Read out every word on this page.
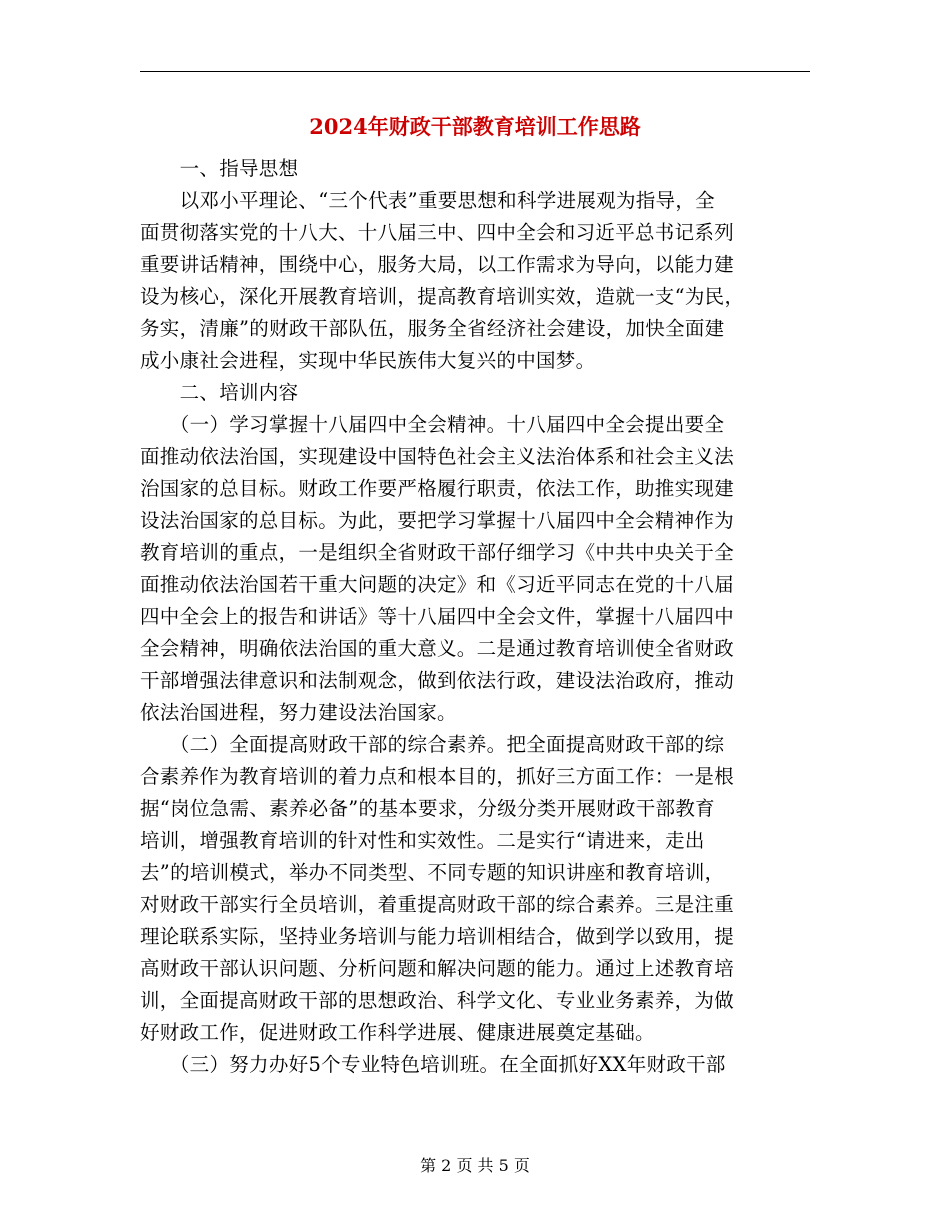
2024年财政干部教育培训工作思路
　　一、指导思想
　　以邓小平理论、“三个代表”重要思想和科学进展观为指导，全
面贯彻落实党的十八大、十八届三中、四中全会和习近平总书记系列
重要讲话精神，围绕中心，服务大局，以工作需求为导向，以能力建
设为核心，深化开展教育培训，提高教育培训实效，造就一支“为民，
务实，清廉”的财政干部队伍，服务全省经济社会建设，加快全面建
成小康社会进程，实现中华民族伟大复兴的中国梦。
　　二、培训内容
　　（一）学习掌握十八届四中全会精神。十八届四中全会提出要全
面推动依法治国，实现建设中国特色社会主义法治体系和社会主义法
治国家的总目标。财政工作要严格履行职责，依法工作，助推实现建
设法治国家的总目标。为此，要把学习掌握十八届四中全会精神作为
教育培训的重点，一是组织全省财政干部仔细学习《中共中央关于全
面推动依法治国若干重大问题的决定》和《习近平同志在党的十八届
四中全会上的报告和讲话》等十八届四中全会文件，掌握十八届四中
全会精神，明确依法治国的重大意义。二是通过教育培训使全省财政
干部增强法律意识和法制观念，做到依法行政，建设法治政府，推动
依法治国进程，努力建设法治国家。
　　（二）全面提高财政干部的综合素养。把全面提高财政干部的综
合素养作为教育培训的着力点和根本目的，抓好三方面工作：一是根
据“岗位急需、素养必备”的基本要求，分级分类开展财政干部教育
培训，增强教育培训的针对性和实效性。二是实行“请进来，走出
去”的培训模式，举办不同类型、不同专题的知识讲座和教育培训，
对财政干部实行全员培训，着重提高财政干部的综合素养。三是注重
理论联系实际，坚持业务培训与能力培训相结合，做到学以致用，提
高财政干部认识问题、分析问题和解决问题的能力。通过上述教育培
训，全面提高财政干部的思想政治、科学文化、专业业务素养，为做
好财政工作，促进财政工作科学进展、健康进展奠定基础。
　　（三）努力办好5个专业特色培训班。在全面抓好XX年财政干部
第 2 页 共 5 页
